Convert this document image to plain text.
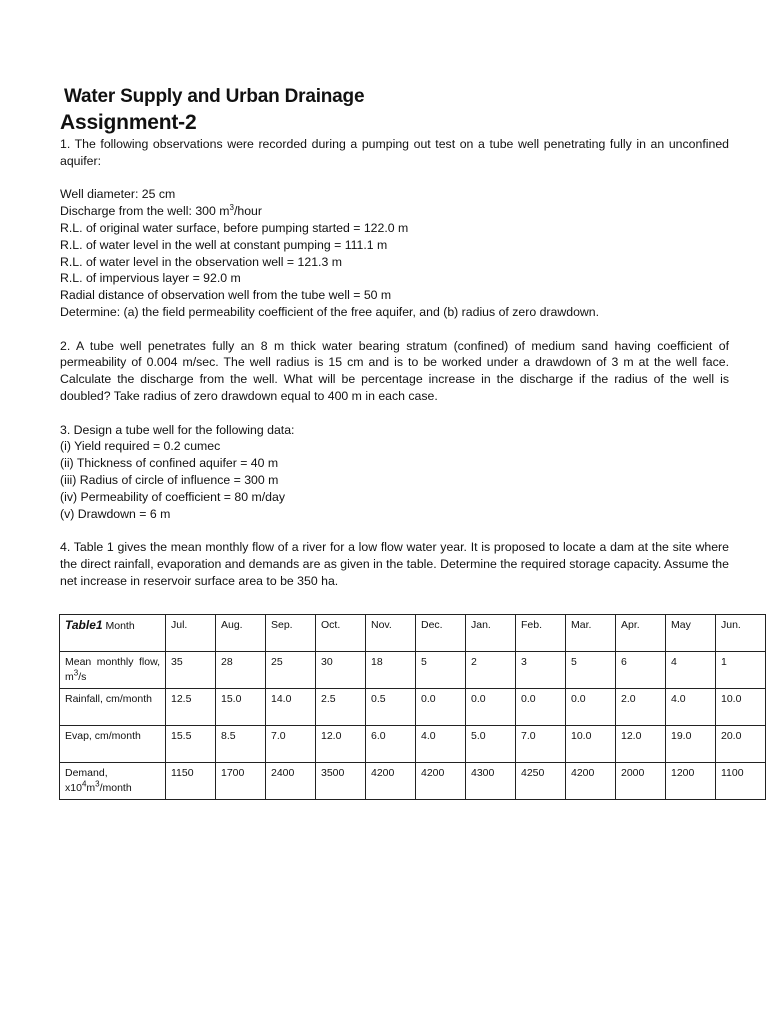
Water Supply and Urban Drainage
Assignment-2

1. The following observations were recorded during a pumping out test on a tube well penetrating fully in an unconfined aquifer:

Well diameter: 25 cm

Discharge from the well: 300 $m^3$/hour

R.L. of original water surface, before pumping started = 122.0 m

R.L. of water level in the well at constant pumping = 111.1 m

R.L. of water level in the observation well = 121.3 m

R.L. of impervious layer = 92.0 m

Radial distance of observation well from the tube well = 50 m

Determine: (a) the field permeability coefficient of the free aquifer, and (b) radius of zero drawdown.

2. A tube well penetrates fully an 8 m thick water bearing stratum (confined) of medium sand having coefficient of permeability of 0.004 m/sec. The well radius is 15 cm and is to be worked under a drawdown of 3 m at the well face. Calculate the discharge from the well. What will be percentage increase in the discharge if the radius of the well is doubled? Take radius of zero drawdown equal to 400 m in each case.

3. Design a tube well for the following data:

(i) Yield required = 0.2 cumec

(ii) Thickness of confined aquifer = 40 m

(iii) Radius of circle of influence = 300 m

(iv) Permeability of coefficient = 80 m/day

(v) Drawdown = 6 m

4. Table 1 gives the mean monthly flow of a river for a low flow water year. It is proposed to locate a dam at the site where the direct rainfall, evaporation and demands are as given in the table. Determine the required storage capacity. Assume the net increase in reservoir surface area to be 350 ha.

Table1 Month	Jul.	Aug.	Sep.	Oct.	Nov.	Dec.	Jan.	Feb.	Mar.	Apr.	May	Jun.

Mean monthly flow, $m^3/s$	35	28	25	30	18	5	2	3	5	6	4	1
Rainfall, cm/month	12.5	15.0	14.0	2.5	0.5	0.0	0.0	0.0	0.0	2.0	4.0	10.0
Evap, cm/month	15.5	8.5	7.0	12.0	6.0	4.0	5.0	7.0	10.0	12.0	19.0	20.0
Demand,
$x10^4m^3$/month	1150	1700	2400	3500	4200	4200	4300	4250	4200	2000	1200	1100
